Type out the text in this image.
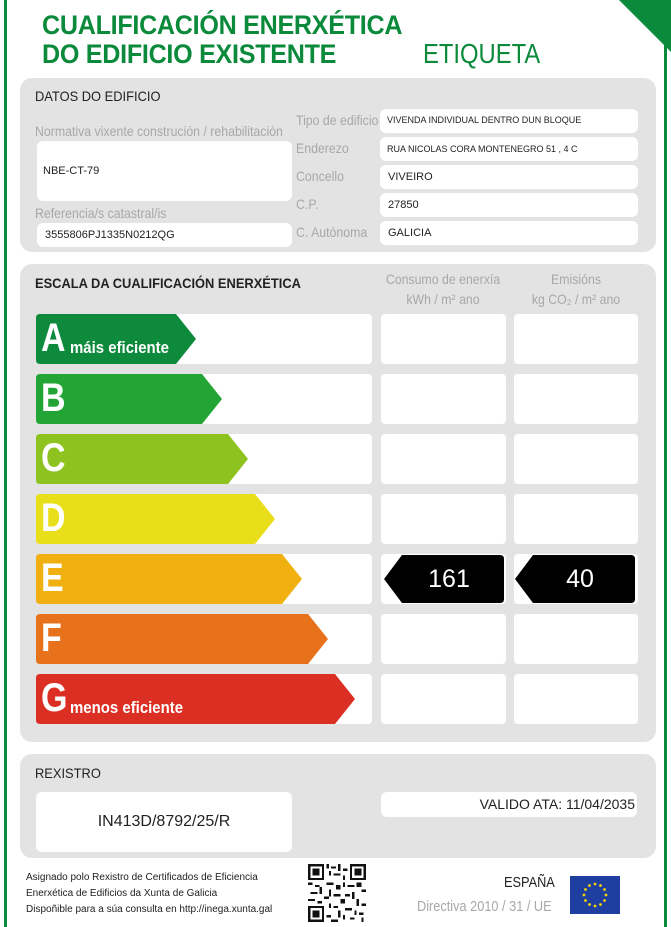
CUALIFICACIÓN ENERXÉTICA
DO EDIFICIO EXISTENTE	ETIQUETA
DATOS DO EDIFICIO
Normativa vixente construción / rehabilitación
NBE-CT-79
Referencia/s catastral/is
3555806PJ1335N0212QG
Tipo de edificio VIVENDA INDIVIDUAL DENTRO DUN BLOQUE
Enderezo	RUA NICOLAS CORA MONTENEGRO 51 , 4 C
Concello	VIVEIRO
C.P.	27850
C. Autónoma GALICIA
ESCALA DA CUALIFICACIÓN ENERXÉTICA	Consumo de enerxía
kWh / m² ano
Emisións
kg CO₂ / m² ano
A máis eficiente
B
C
D
E	161	40
F
G menos eficiente
REXISTRO
IN413D/8792/25/R
VALIDO ATA: 11/04/2035
Asignado polo Rexistro de Certificados de Eficiencia
Enerxética de Edificios da Xunta de Galicia
Dispoñible para a súa consulta en http://inega.xunta.gal
ESPAÑA
Directiva 2010 / 31 / UE
